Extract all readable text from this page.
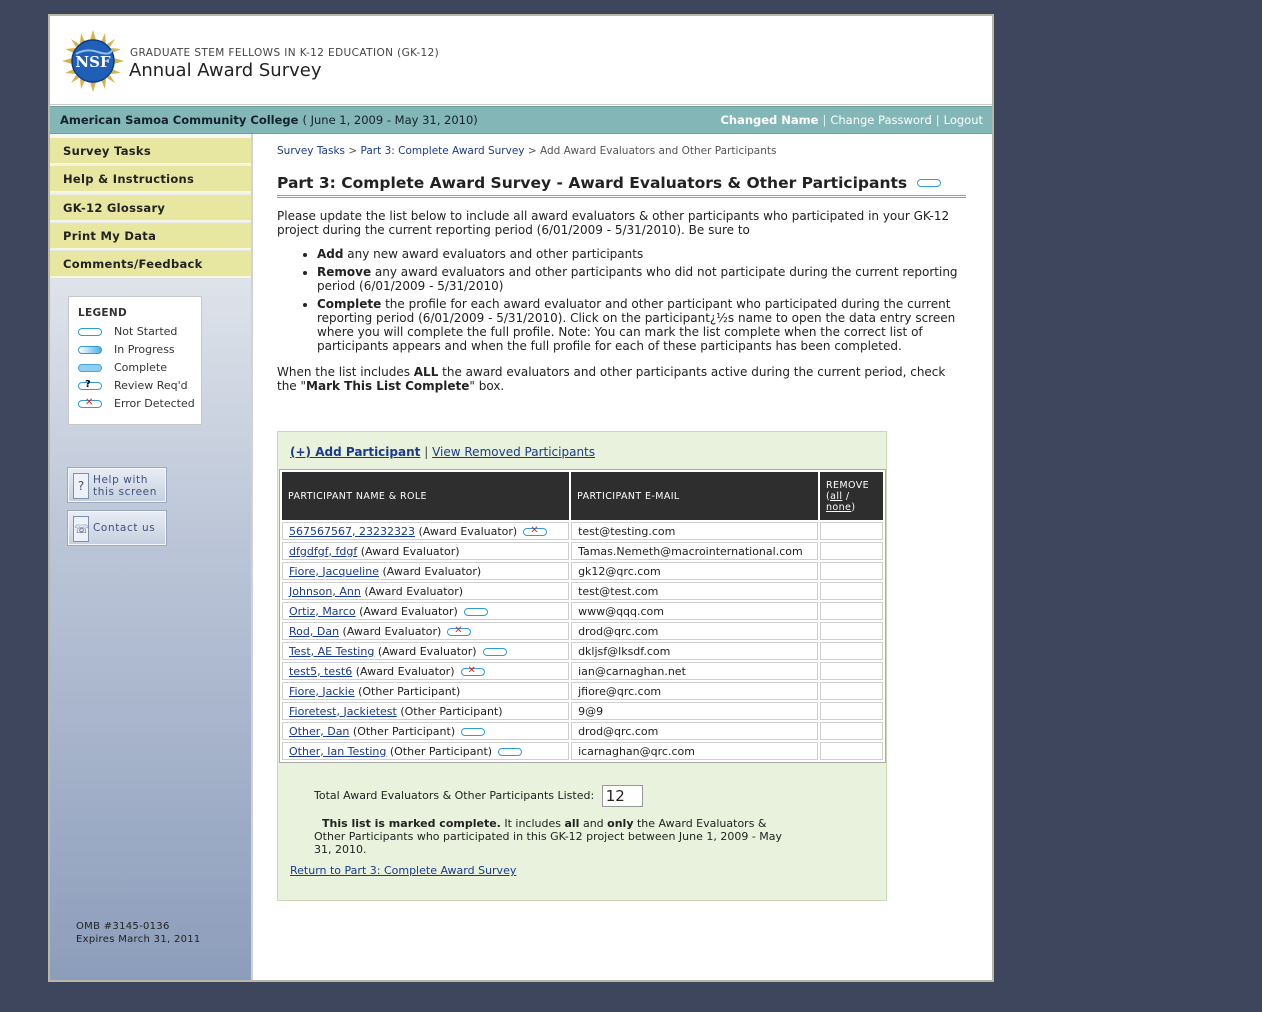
NSF GRADUATE STEM FELLOWS IN K-12 EDUCATION (GK-12)
Annual Award Survey
American Samoa Community College ( June 1, 2009 - May 31, 2010)	Changed Name | Change Password | Logout
Survey Tasks
Help & Instructions
GK-12 Glossary
Print My Data
Comments/Feedback
LEGEND
Not Started
In Progress
Complete
? Review Req'd
✕ Error Detected
? Help with
this screen
☏ Contact us
OMB #3145-0136
Expires March 31, 2011
Survey Tasks > Part 3: Complete Award Survey > Add Award Evaluators and Other Participants
Part 3: Complete Award Survey - Award Evaluators & Other Participants

Please update the list below to include all award evaluators & other participants who participated in your GK-12 project during the current reporting period (6/01/2009 - 5/31/2010). Be sure to

• Add any new award evaluators and other participants
• Remove any award evaluators and other participants who did not participate during the current reporting period (6/01/2009 - 5/31/2010)
• Complete the profile for each award evaluator and other participant who participated during the current reporting period (6/01/2009 - 5/31/2010). Click on the participant¿½s name to open the data entry screen where you will complete the full profile. Note: You can mark the list complete when the correct list of participants appears and when the full profile for each of these participants has been completed.

When the list includes ALL the award evaluators and other participants active during the current period, check the "Mark This List Complete" box.

(+) Add Participant | View Removed Participants
PARTICIPANT NAME & ROLE	PARTICIPANT E-MAIL	REMOVE
(all /
none)
567567567, 23232323 (Award Evaluator) ✕	test@testing.com	
dfgdfgf, fdgf (Award Evaluator)	Tamas.Nemeth@macrointernational.com	
Fiore, Jacqueline (Award Evaluator)	gk12@qrc.com	
Johnson, Ann (Award Evaluator)	test@test.com	
Ortiz, Marco (Award Evaluator)	www@qqq.com	
Rod, Dan (Award Evaluator) ✕	drod@qrc.com	
Test, AE Testing (Award Evaluator)	dkljsf@lksdf.com	
test5, test6 (Award Evaluator) ✕	ian@carnaghan.net	
Fiore, Jackie (Other Participant)	jfiore@qrc.com	
Fioretest, Jackietest (Other Participant)	9@9	
Other, Dan (Other Participant)	drod@qrc.com	
Other, Ian Testing (Other Participant)	icarnaghan@qrc.com	
Total Award Evaluators & Other Participants Listed: 12
This list is marked complete. It includes all and only the Award Evaluators & Other Participants who participated in this GK-12 project between June 1, 2009 - May 31, 2010.
Return to Part 3: Complete Award Survey
